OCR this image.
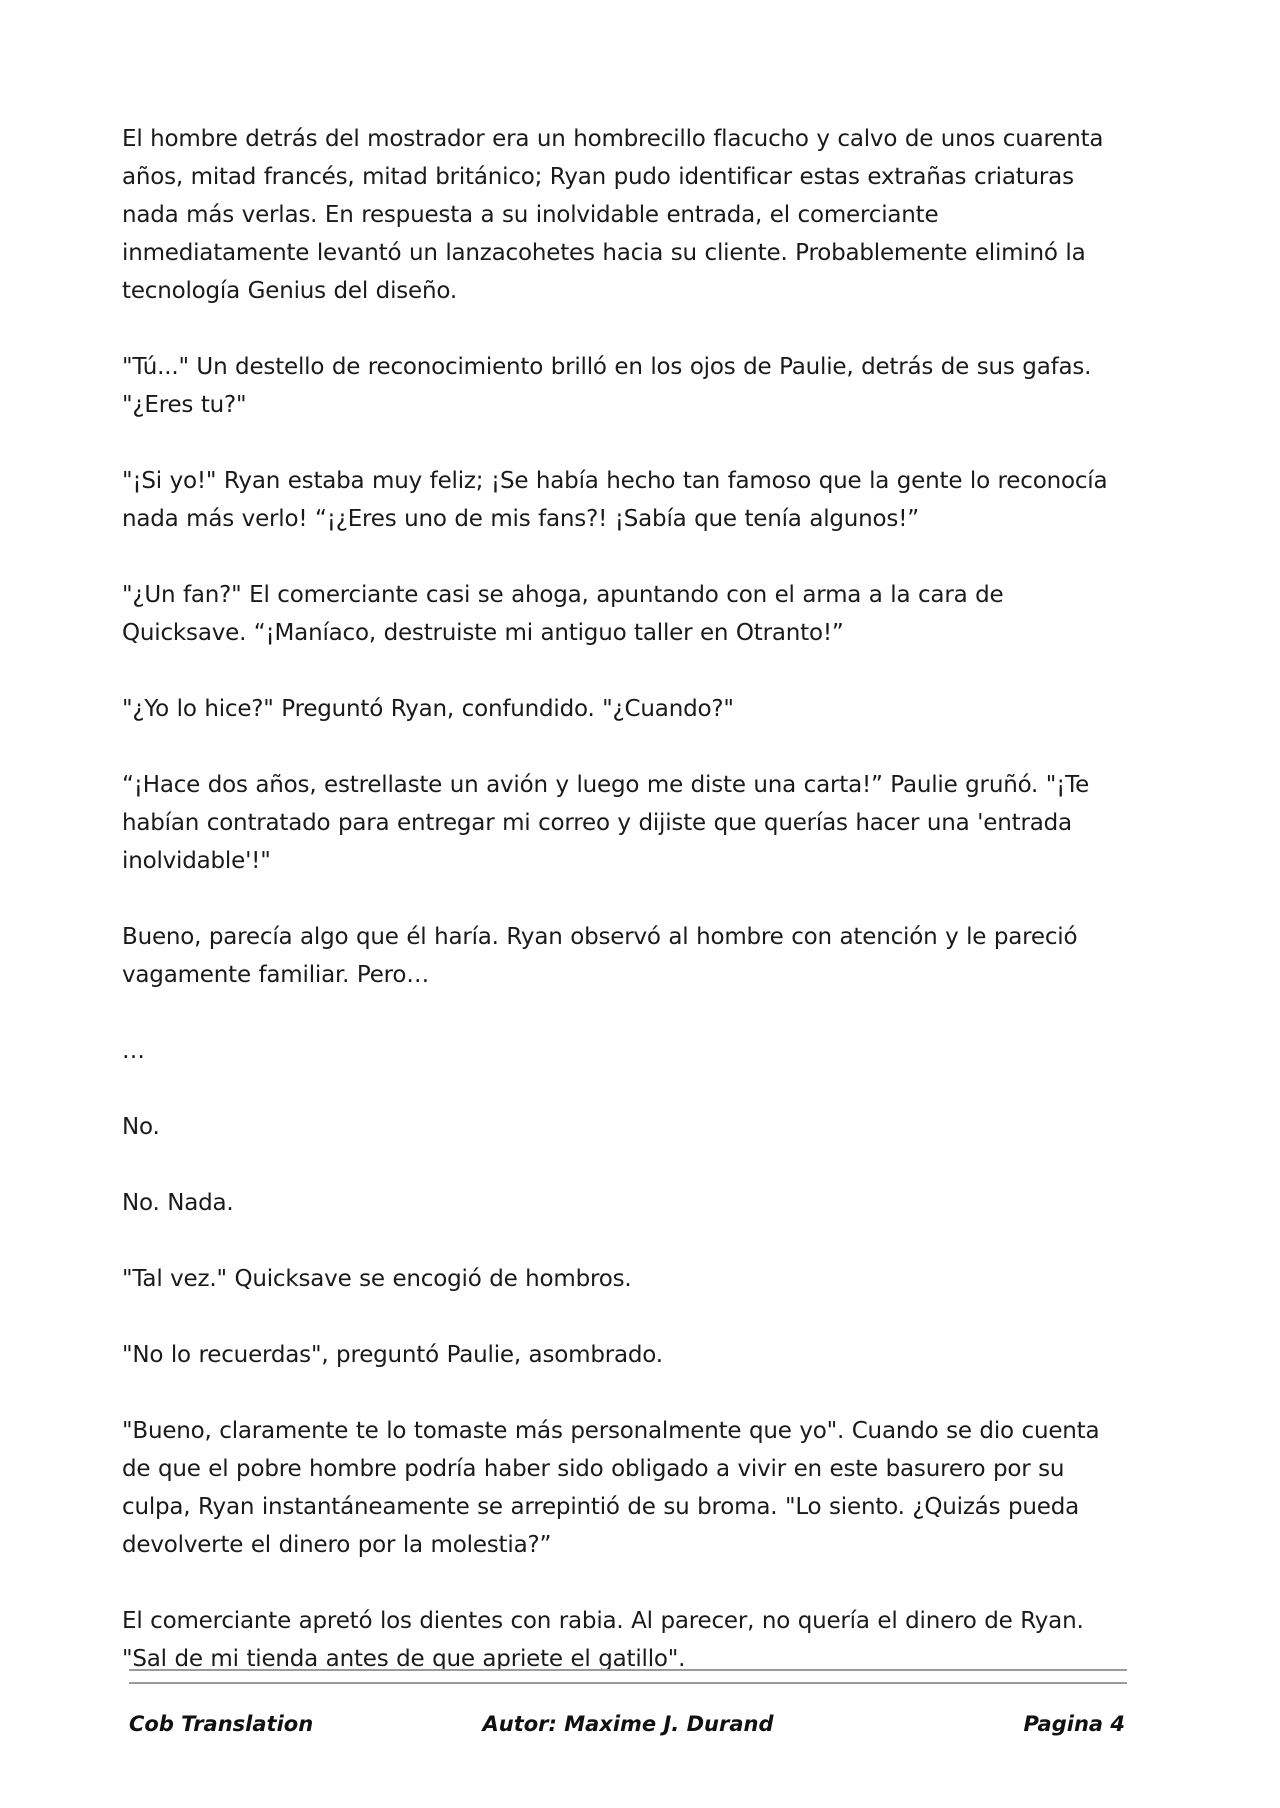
El hombre detrás del mostrador era un hombrecillo flacucho y calvo de unos cuarenta años, mitad francés, mitad británico; Ryan pudo identificar estas extrañas criaturas nada más verlas. En respuesta a su inolvidable entrada, el comerciante inmediatamente levantó un lanzacohetes hacia su cliente. Probablemente eliminó la tecnología Genius del diseño.

"Tú..." Un destello de reconocimiento brilló en los ojos de Paulie, detrás de sus gafas. "¿Eres tu?"

"¡Si yo!" Ryan estaba muy feliz; ¡Se había hecho tan famoso que la gente lo reconocía nada más verlo! “¡¿Eres uno de mis fans?! ¡Sabía que tenía algunos!”

"¿Un fan?" El comerciante casi se ahoga, apuntando con el arma a la cara de Quicksave. “¡Maníaco, destruiste mi antiguo taller en Otranto!”

"¿Yo lo hice?" Preguntó Ryan, confundido. "¿Cuando?"

“¡Hace dos años, estrellaste un avión y luego me diste una carta!” Paulie gruñó. "¡Te habían contratado para entregar mi correo y dijiste que querías hacer una 'entrada inolvidable'!"

Bueno, parecía algo que él haría. Ryan observó al hombre con atención y le pareció vagamente familiar. Pero…

…

No.

No. Nada.

"Tal vez." Quicksave se encogió de hombros.

"No lo recuerdas", preguntó Paulie, asombrado.

"Bueno, claramente te lo tomaste más personalmente que yo". Cuando se dio cuenta de que el pobre hombre podría haber sido obligado a vivir en este basurero por su culpa, Ryan instantáneamente se arrepintió de su broma. "Lo siento. ¿Quizás pueda devolverte el dinero por la molestia?”

El comerciante apretó los dientes con rabia. Al parecer, no quería el dinero de Ryan. "Sal de mi tienda antes de que apriete el gatillo".

Cob Translation	Autor: Maxime J. Durand	Pagina 4
